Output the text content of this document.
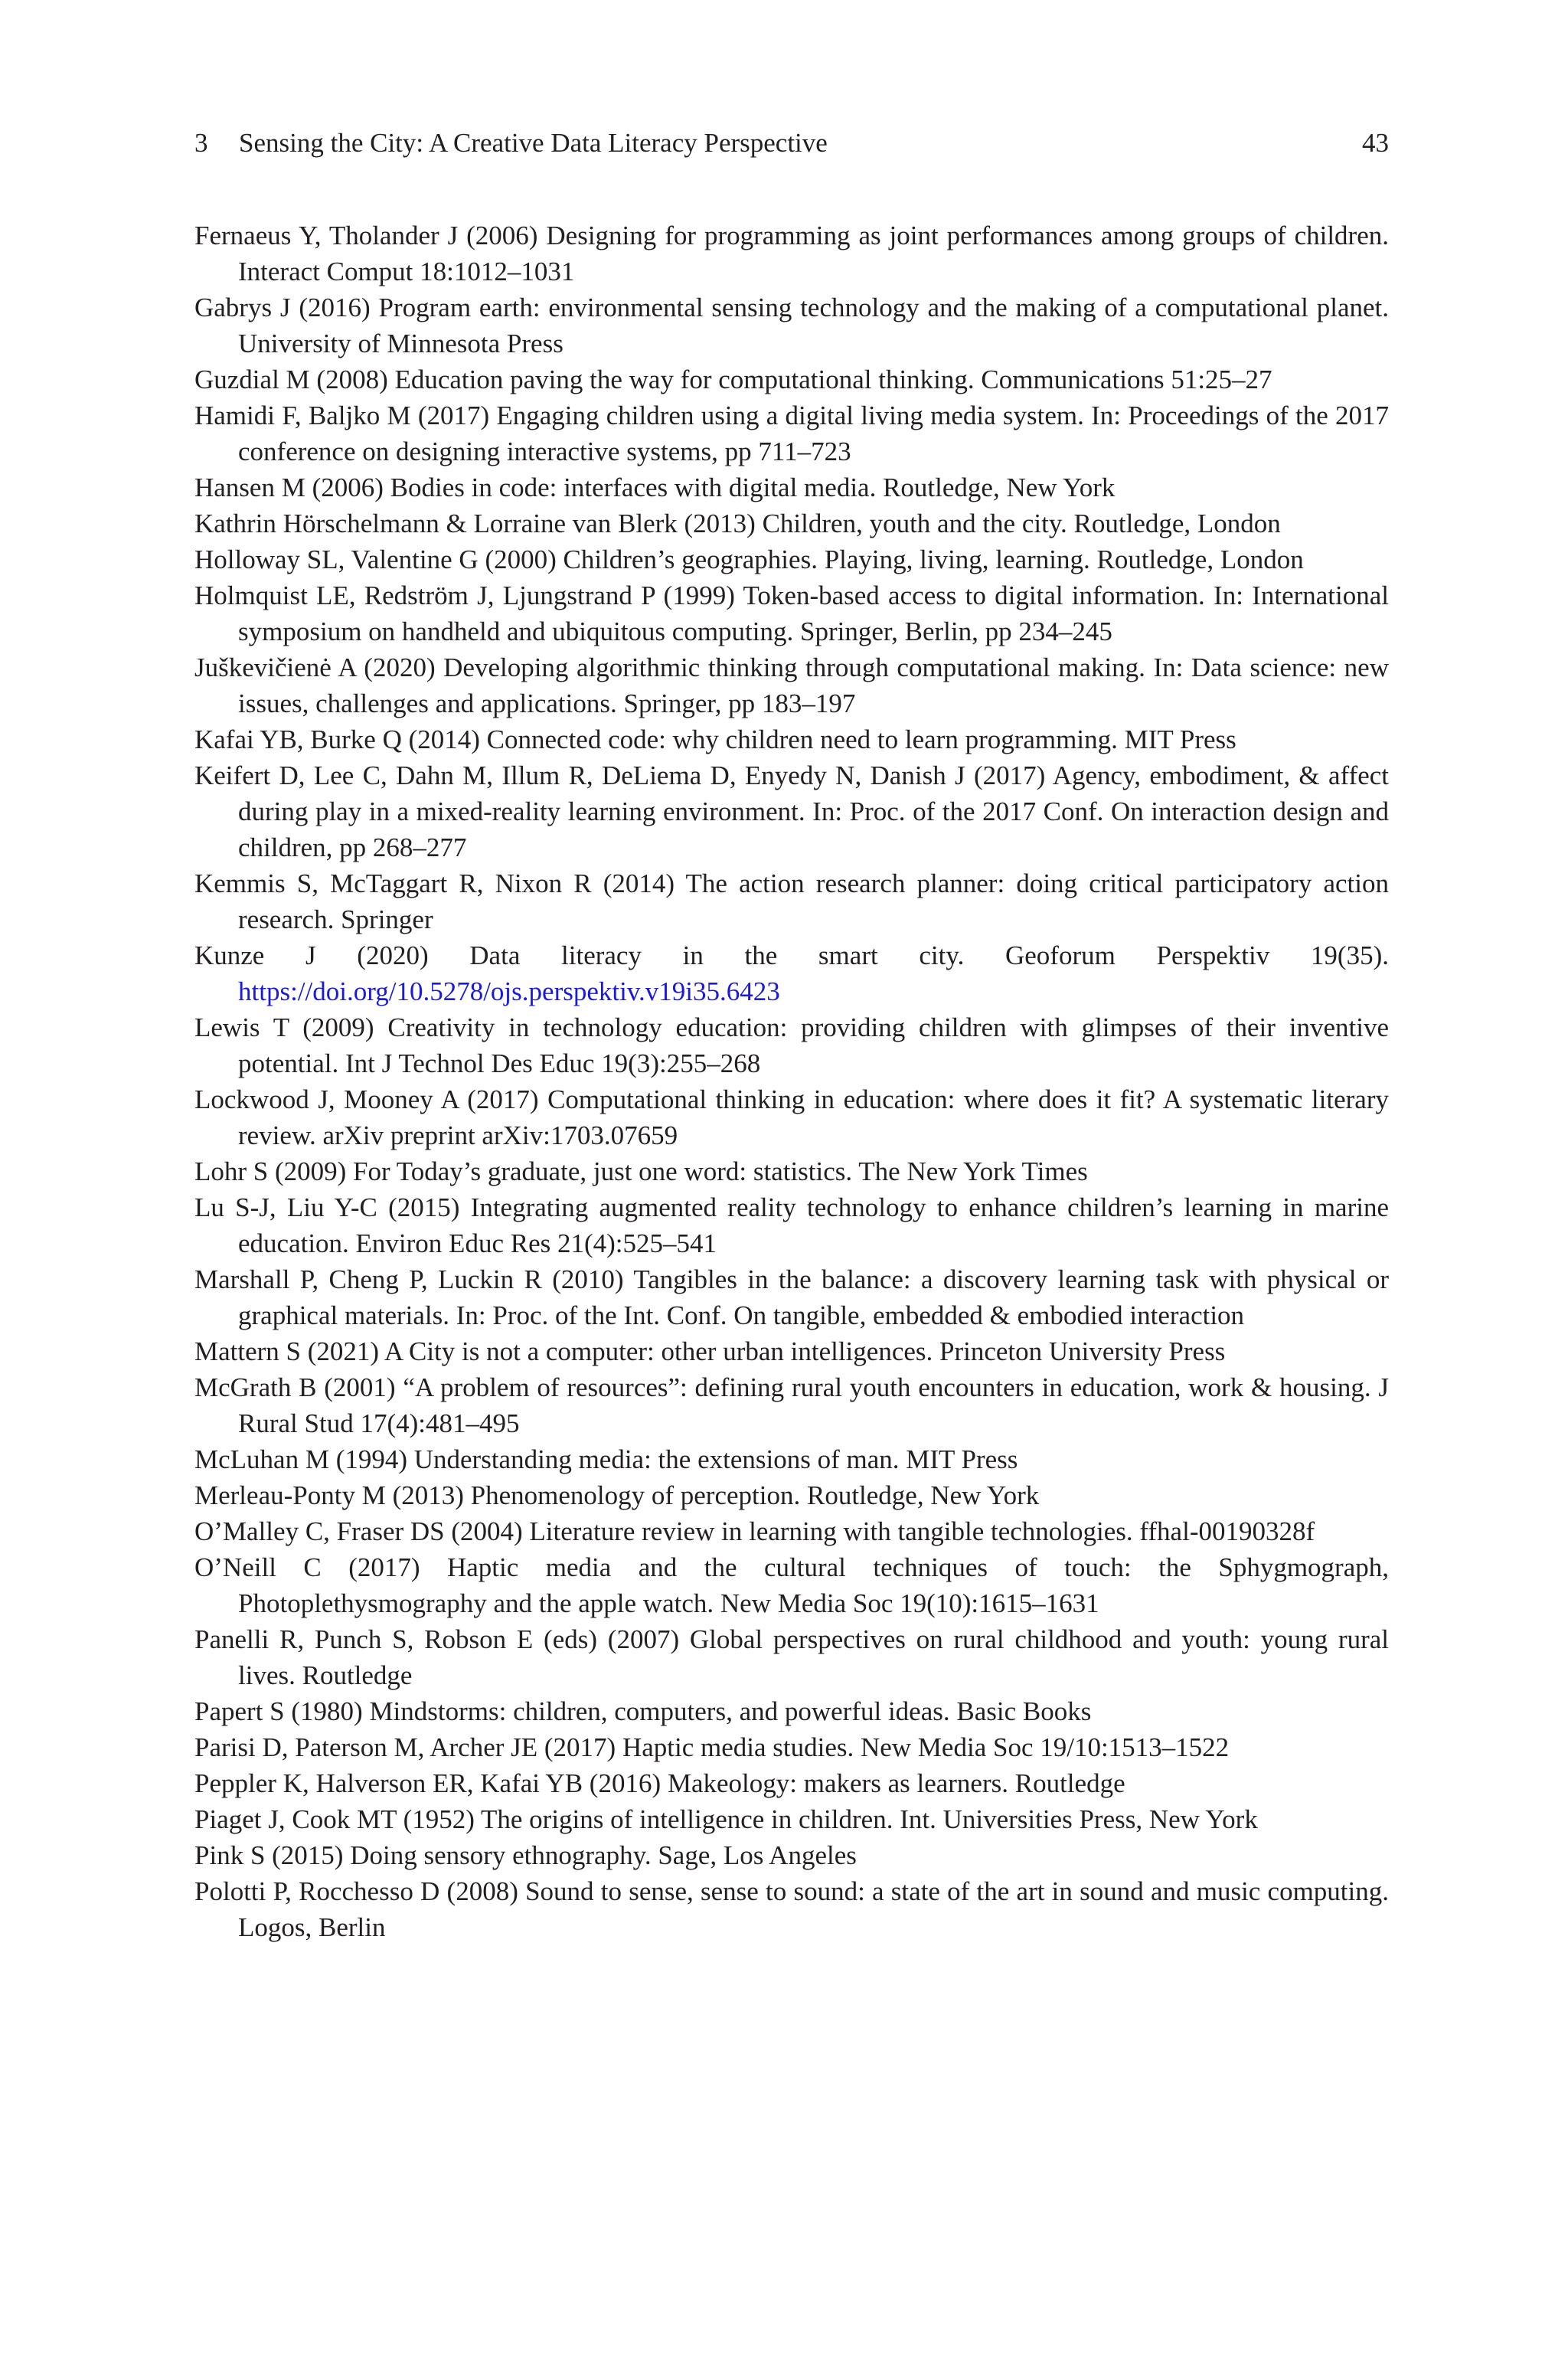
3 Sensing the City: A Creative Data Literacy Perspective	43
Fernaeus Y, Tholander J (2006) Designing for programming as joint performances among groups of children. Interact Comput 18:1012–1031
Gabrys J (2016) Program earth: environmental sensing technology and the making of a computational planet. University of Minnesota Press
Guzdial M (2008) Education paving the way for computational thinking. Communications 51:25–27
Hamidi F, Baljko M (2017) Engaging children using a digital living media system. In: Proceedings of the 2017 conference on designing interactive systems, pp 711–723
Hansen M (2006) Bodies in code: interfaces with digital media. Routledge, New York
Kathrin Hörschelmann & Lorraine van Blerk (2013) Children, youth and the city. Routledge, London
Holloway SL, Valentine G (2000) Children’s geographies. Playing, living, learning. Routledge, London
Holmquist LE, Redström J, Ljungstrand P (1999) Token-based access to digital information. In: International symposium on handheld and ubiquitous computing. Springer, Berlin, pp 234–245
Juškevičienė A (2020) Developing algorithmic thinking through computational making. In: Data science: new issues, challenges and applications. Springer, pp 183–197
Kafai YB, Burke Q (2014) Connected code: why children need to learn programming. MIT Press
Keifert D, Lee C, Dahn M, Illum R, DeLiema D, Enyedy N, Danish J (2017) Agency, embodiment, & affect during play in a mixed-reality learning environment. In: Proc. of the 2017 Conf. On interaction design and children, pp 268–277
Kemmis S, McTaggart R, Nixon R (2014) The action research planner: doing critical participatory action research. Springer
Kunze J (2020) Data literacy in the smart city. Geoforum Perspektiv 19(35). https://doi.org/10.5278/ojs.perspektiv.v19i35.6423
Lewis T (2009) Creativity in technology education: providing children with glimpses of their inventive potential. Int J Technol Des Educ 19(3):255–268
Lockwood J, Mooney A (2017) Computational thinking in education: where does it fit? A systematic literary review. arXiv preprint arXiv:1703.07659
Lohr S (2009) For Today’s graduate, just one word: statistics. The New York Times
Lu S-J, Liu Y-C (2015) Integrating augmented reality technology to enhance children’s learning in marine education. Environ Educ Res 21(4):525–541
Marshall P, Cheng P, Luckin R (2010) Tangibles in the balance: a discovery learning task with physical or graphical materials. In: Proc. of the Int. Conf. On tangible, embedded & embodied interaction
Mattern S (2021) A City is not a computer: other urban intelligences. Princeton University Press
McGrath B (2001) “A problem of resources”: defining rural youth encounters in education, work & housing. J Rural Stud 17(4):481–495
McLuhan M (1994) Understanding media: the extensions of man. MIT Press
Merleau-Ponty M (2013) Phenomenology of perception. Routledge, New York
O’Malley C, Fraser DS (2004) Literature review in learning with tangible technologies. ffhal-00190328f
O’Neill C (2017) Haptic media and the cultural techniques of touch: the Sphygmograph, Photoplethysmography and the apple watch. New Media Soc 19(10):1615–1631
Panelli R, Punch S, Robson E (eds) (2007) Global perspectives on rural childhood and youth: young rural lives. Routledge
Papert S (1980) Mindstorms: children, computers, and powerful ideas. Basic Books
Parisi D, Paterson M, Archer JE (2017) Haptic media studies. New Media Soc 19/10:1513–1522
Peppler K, Halverson ER, Kafai YB (2016) Makeology: makers as learners. Routledge
Piaget J, Cook MT (1952) The origins of intelligence in children. Int. Universities Press, New York
Pink S (2015) Doing sensory ethnography. Sage, Los Angeles
Polotti P, Rocchesso D (2008) Sound to sense, sense to sound: a state of the art in sound and music computing. Logos, Berlin
